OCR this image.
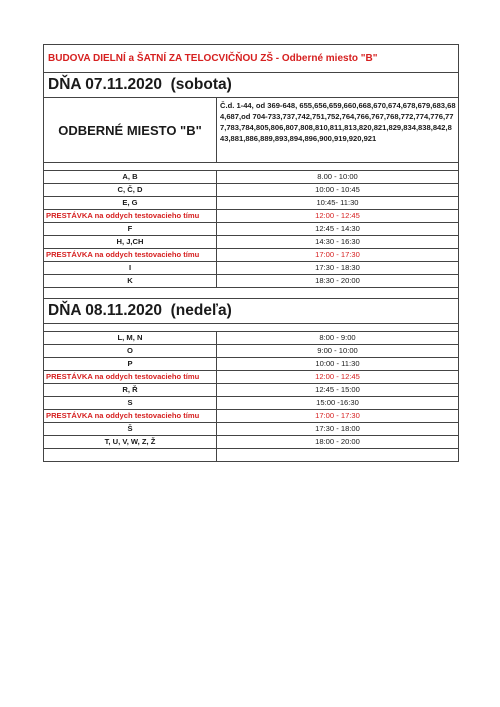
BUDOVA DIELNÍ a ŠATNÍ ZA TELOCVIČŇOU ZŠ - Odberné miesto "B"
DŇA 07.11.2020  (sobota)
ODBERNÉ MIESTO "B"
Č.d. 1-44, od 369-648, 655,656,659,660,668,670,674,678,679,683,684,687,od 704-733,737,742,751,752,764,766,767,768,772,774,776,777,783,784,805,806,807,808,810,811,813,820,821,829,834,838,842,843,881,886,889,893,894,896,900,919,920,921
A, B	8.00 - 10:00
C, Č, D	10:00 - 10:45
E, G	10:45- 11:30
PRESTÁVKA na oddych testovacieho tímu	12:00 - 12:45
F	12:45 - 14:30
H, J,CH	14:30 - 16:30
PRESTÁVKA na oddych testovacieho tímu	17:00 - 17:30
I	17:30 - 18:30
K	18:30 - 20:00
DŇA 08.11.2020  (nedeľa)
L, M, N	8:00 - 9:00
O	9:00 - 10:00
P	10:00 - 11:30
PRESTÁVKA na oddych testovacieho tímu	12:00 - 12:45
R, Ř	12:45 - 15:00
S	15:00 -16:30
PRESTÁVKA na oddych testovacieho tímu	17:00 - 17:30
Š	17:30 - 18:00
T, U, V, W, Z, Ž	18:00 - 20:00
